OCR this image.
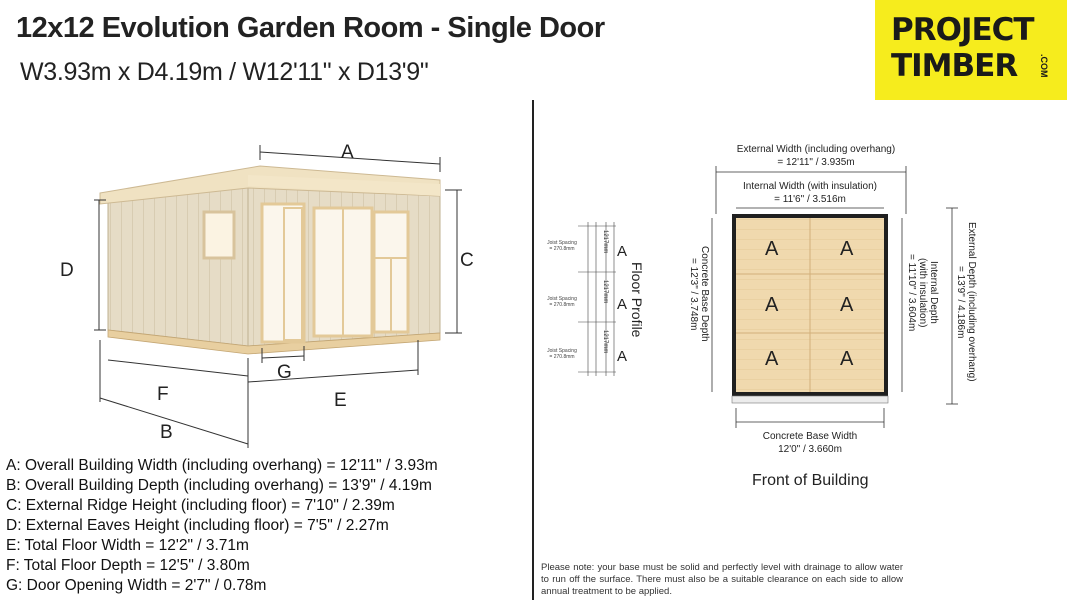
12x12 Evolution Garden Room - Single Door
W3.93m x D4.19m / W12'11" x D13'9"
PROJECT
TIMBER	.COM
A
C
D
G
F	E
B
A: Overall Building Width (including overhang) = 12'11" / 3.93m
B: Overall Building Depth (including overhang) = 13'9" / 4.19m
C: External Ridge Height (including floor) = 7'10" / 2.39m
D: External Eaves Height (including floor) = 7'5" / 2.27m
E: Total Floor Width = 12'2" / 3.71m
F: Total Floor Depth = 12'5" / 3.80m
G: Door Opening Width = 2'7" / 0.78m
Floor Profile
Joist Spacing
= 270.8mm
Joist Spacing
= 270.8mm
Joist Spacing
= 270.8mm
1217mm
1217mm
1217mm
A
A
A
External Width (including overhang)
= 12'11" / 3.935m
Internal Width (with insulation)
= 11'6" / 3.516m
Concrete Base Depth
= 12'3" / 3.748m
Internal Depth
(with insulation)
= 11'10" / 3.604m
External Depth (including overhang)
= 13'9" / 4.186m
A	A
A	A
A	A
Concrete Base Width
12'0" / 3.660m
Front of Building
Please note: your base must be solid and perfectly level with drainage to allow water to run off the surface. There must also be a suitable clearance on each side to allow annual treatment to be applied.
